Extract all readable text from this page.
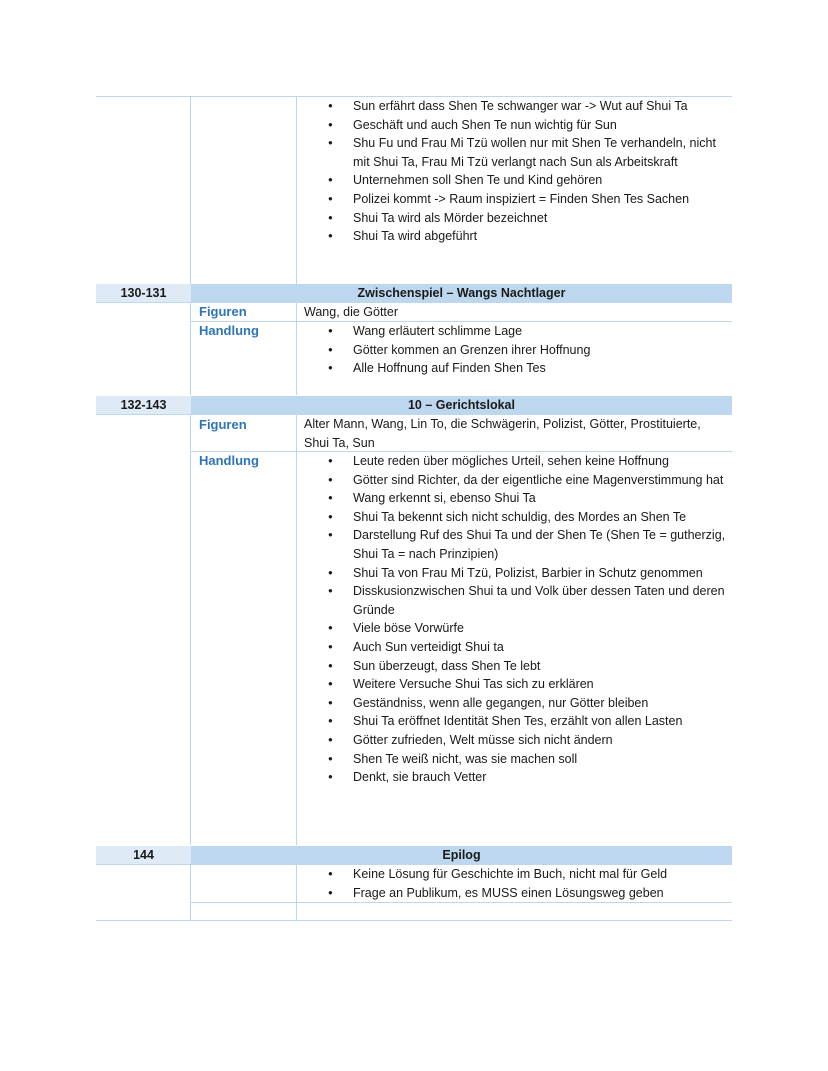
● Sun erfährt dass Shen Te schwanger war -> Wut auf Shui Ta
● Geschäft und auch Shen Te nun wichtig für Sun
● Shu Fu und Frau Mi Tzü wollen nur mit Shen Te verhandeln, nicht mit Shui Ta, Frau Mi Tzü verlangt nach Sun als Arbeitskraft
● Unternehmen soll Shen Te und Kind gehören
● Polizei kommt -> Raum inspiziert = Finden Shen Tes Sachen
● Shui Ta wird als Mörder bezeichnet
● Shui Ta wird abgeführt
130-131	Zwischenspiel – Wangs Nachtlager
Figuren	Wang, die Götter
Handlung	● Wang erläutert schlimme Lage
● Götter kommen an Grenzen ihrer Hoffnung
● Alle Hoffnung auf Finden Shen Tes
132-143	10 – Gerichtslokal
Figuren	Alter Mann, Wang, Lin To, die Schwägerin, Polizist, Götter, Prostituierte, Shui Ta, Sun
Handlung	● Leute reden über mögliches Urteil, sehen keine Hoffnung
● Götter sind Richter, da der eigentliche eine Magenverstimmung hat
● Wang erkennt si, ebenso Shui Ta
● Shui Ta bekennt sich nicht schuldig, des Mordes an Shen Te
● Darstellung Ruf des Shui Ta und der Shen Te (Shen Te = gutherzig, Shui Ta = nach Prinzipien)
● Shui Ta von Frau Mi Tzü, Polizist, Barbier in Schutz genommen
● Disskusionzwischen Shui ta und Volk über dessen Taten und deren Gründe
● Viele böse Vorwürfe
● Auch Sun verteidigt Shui ta
● Sun überzeugt, dass Shen Te lebt
● Weitere Versuche Shui Tas sich zu erklären
● Geständniss, wenn alle gegangen, nur Götter bleiben
● Shui Ta eröffnet Identität Shen Tes, erzählt von allen Lasten
● Götter zufrieden, Welt müsse sich nicht ändern
● Shen Te weiß nicht, was sie machen soll
● Denkt, sie brauch Vetter
144	Epilog
● Keine Lösung für Geschichte im Buch, nicht mal für Geld
● Frage an Publikum, es MUSS einen Lösungsweg geben
